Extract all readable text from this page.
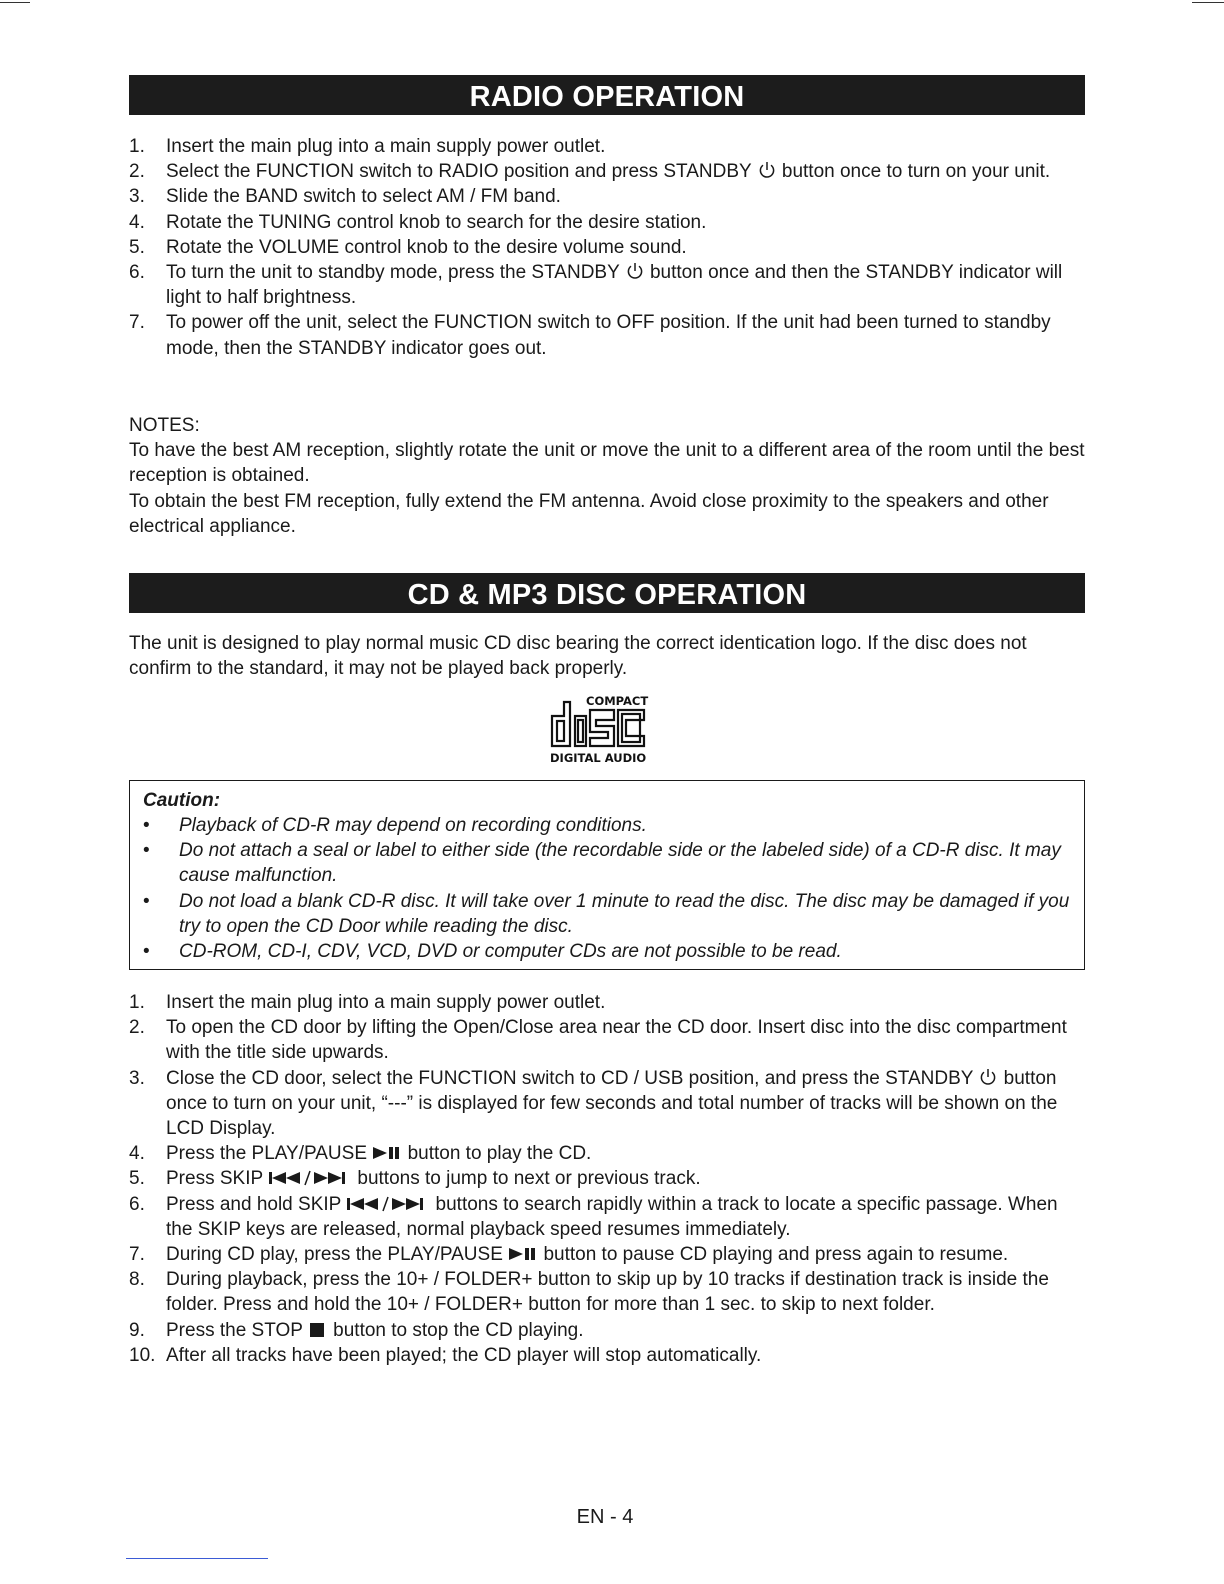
RADIO OPERATION
1. Insert the main plug into a main supply power outlet.
2. Select the FUNCTION switch to RADIO position and press STANDBY button once to turn on your unit.
3. Slide the BAND switch to select AM / FM band.
4. Rotate the TUNING control knob to search for the desire station.
5. Rotate the VOLUME control knob to the desire volume sound.
6. To turn the unit to standby mode, press the STANDBY button once and then the STANDBY indicator will light to half brightness.
7. To power off the unit, select the FUNCTION switch to OFF position. If the unit had been turned to standby mode, then the STANDBY indicator goes out.
NOTES:
To have the best AM reception, slightly rotate the unit or move the unit to a different area of the room until the best reception is obtained.
To obtain the best FM reception, fully extend the FM antenna. Avoid close proximity to the speakers and other electrical appliance.
CD & MP3 DISC OPERATION

The unit is designed to play normal music CD disc bearing the correct identication logo. If the disc does not confirm to the standard, it may not be played back properly.

COMPACT
DIGITAL AUDIO
Caution:
• Playback of CD-R may depend on recording conditions.
• Do not attach a seal or label to either side (the recordable side or the labeled side) of a CD-R disc. It may cause malfunction.
• Do not load a blank CD-R disc. It will take over 1 minute to read the disc. The disc may be damaged if you try to open the CD Door while reading the disc.
• CD-ROM, CD-I, CDV, VCD, DVD or computer CDs are not possible to be read.
1. Insert the main plug into a main supply power outlet.
2. To open the CD door by lifting the Open/Close area near the CD door. Insert disc into the disc compartment with the title side upwards.
3. Close the CD door, select the FUNCTION switch to CD / USB position, and press the STANDBY button once to turn on your unit, “---” is displayed for few seconds and total number of tracks will be shown on the LCD Display.
4. Press the PLAY/PAUSE button to play the CD.
5. Press SKIP	buttons to jump to next or previous track.
6. Press and hold SKIP	buttons to search rapidly within a track to locate a specific passage. When the SKIP keys are released, normal playback speed resumes immediately.
7. During CD play, press the PLAY/PAUSE button to pause CD playing and press again to resume.
8. During playback, press the 10+ / FOLDER+ button to skip up by 10 tracks if destination track is inside the folder. Press and hold the 10+ / FOLDER+ button for more than 1 sec. to skip to next folder.
9. Press the STOP button to stop the CD playing.
10. After all tracks have been played; the CD player will stop automatically.
EN - 4
